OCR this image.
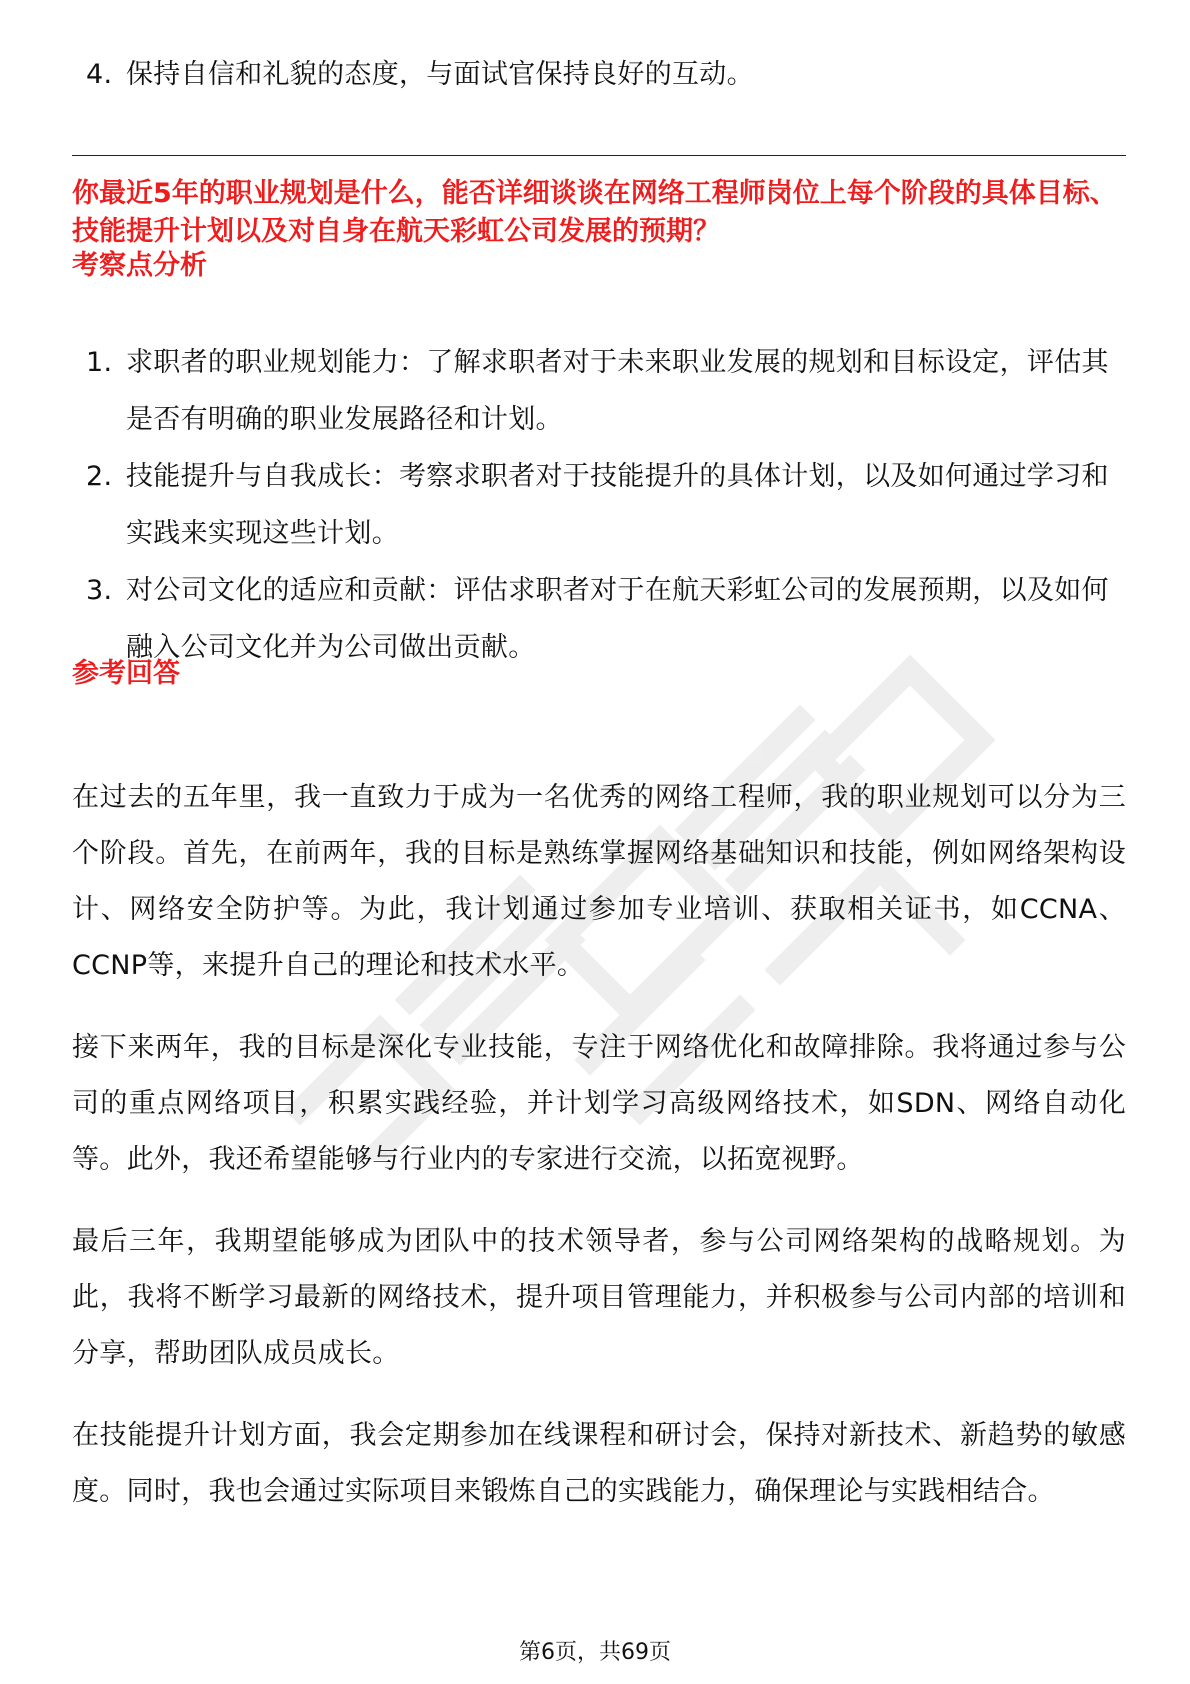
4. 保持自信和礼貌的态度，与面试官保持良好的互动。
你最近5年的职业规划是什么，能否详细谈谈在网络工程师岗位上每个阶段的具体目标、技能提升计划以及对自身在航天彩虹公司发展的预期？
考察点分析
1. 求职者的职业规划能力：了解求职者对于未来职业发展的规划和目标设定，评估其是否有明确的职业发展路径和计划。
2. 技能提升与自我成长：考察求职者对于技能提升的具体计划，以及如何通过学习和实践来实现这些计划。
3. 对公司文化的适应和贡献：评估求职者对于在航天彩虹公司的发展预期，以及如何融入公司文化并为公司做出贡献。
参考回答

在过去的五年里，我一直致力于成为一名优秀的网络工程师，我的职业规划可以分为三个阶段。首先，在前两年，我的目标是熟练掌握网络基础知识和技能，例如网络架构设计、网络安全防护等。为此，我计划通过参加专业培训、获取相关证书，如CCNA、CCNP等，来提升自己的理论和技术水平。

接下来两年，我的目标是深化专业技能，专注于网络优化和故障排除。我将通过参与公司的重点网络项目，积累实践经验，并计划学习高级网络技术，如SDN、网络自动化等。此外，我还希望能够与行业内的专家进行交流，以拓宽视野。

最后三年，我期望能够成为团队中的技术领导者，参与公司网络架构的战略规划。为此，我将不断学习最新的网络技术，提升项目管理能力，并积极参与公司内部的培训和分享，帮助团队成员成长。

在技能提升计划方面，我会定期参加在线课程和研讨会，保持对新技术、新趋势的敏感度。同时，我也会通过实际项目来锻炼自己的实践能力，确保理论与实践相结合。

第6页，共69页
